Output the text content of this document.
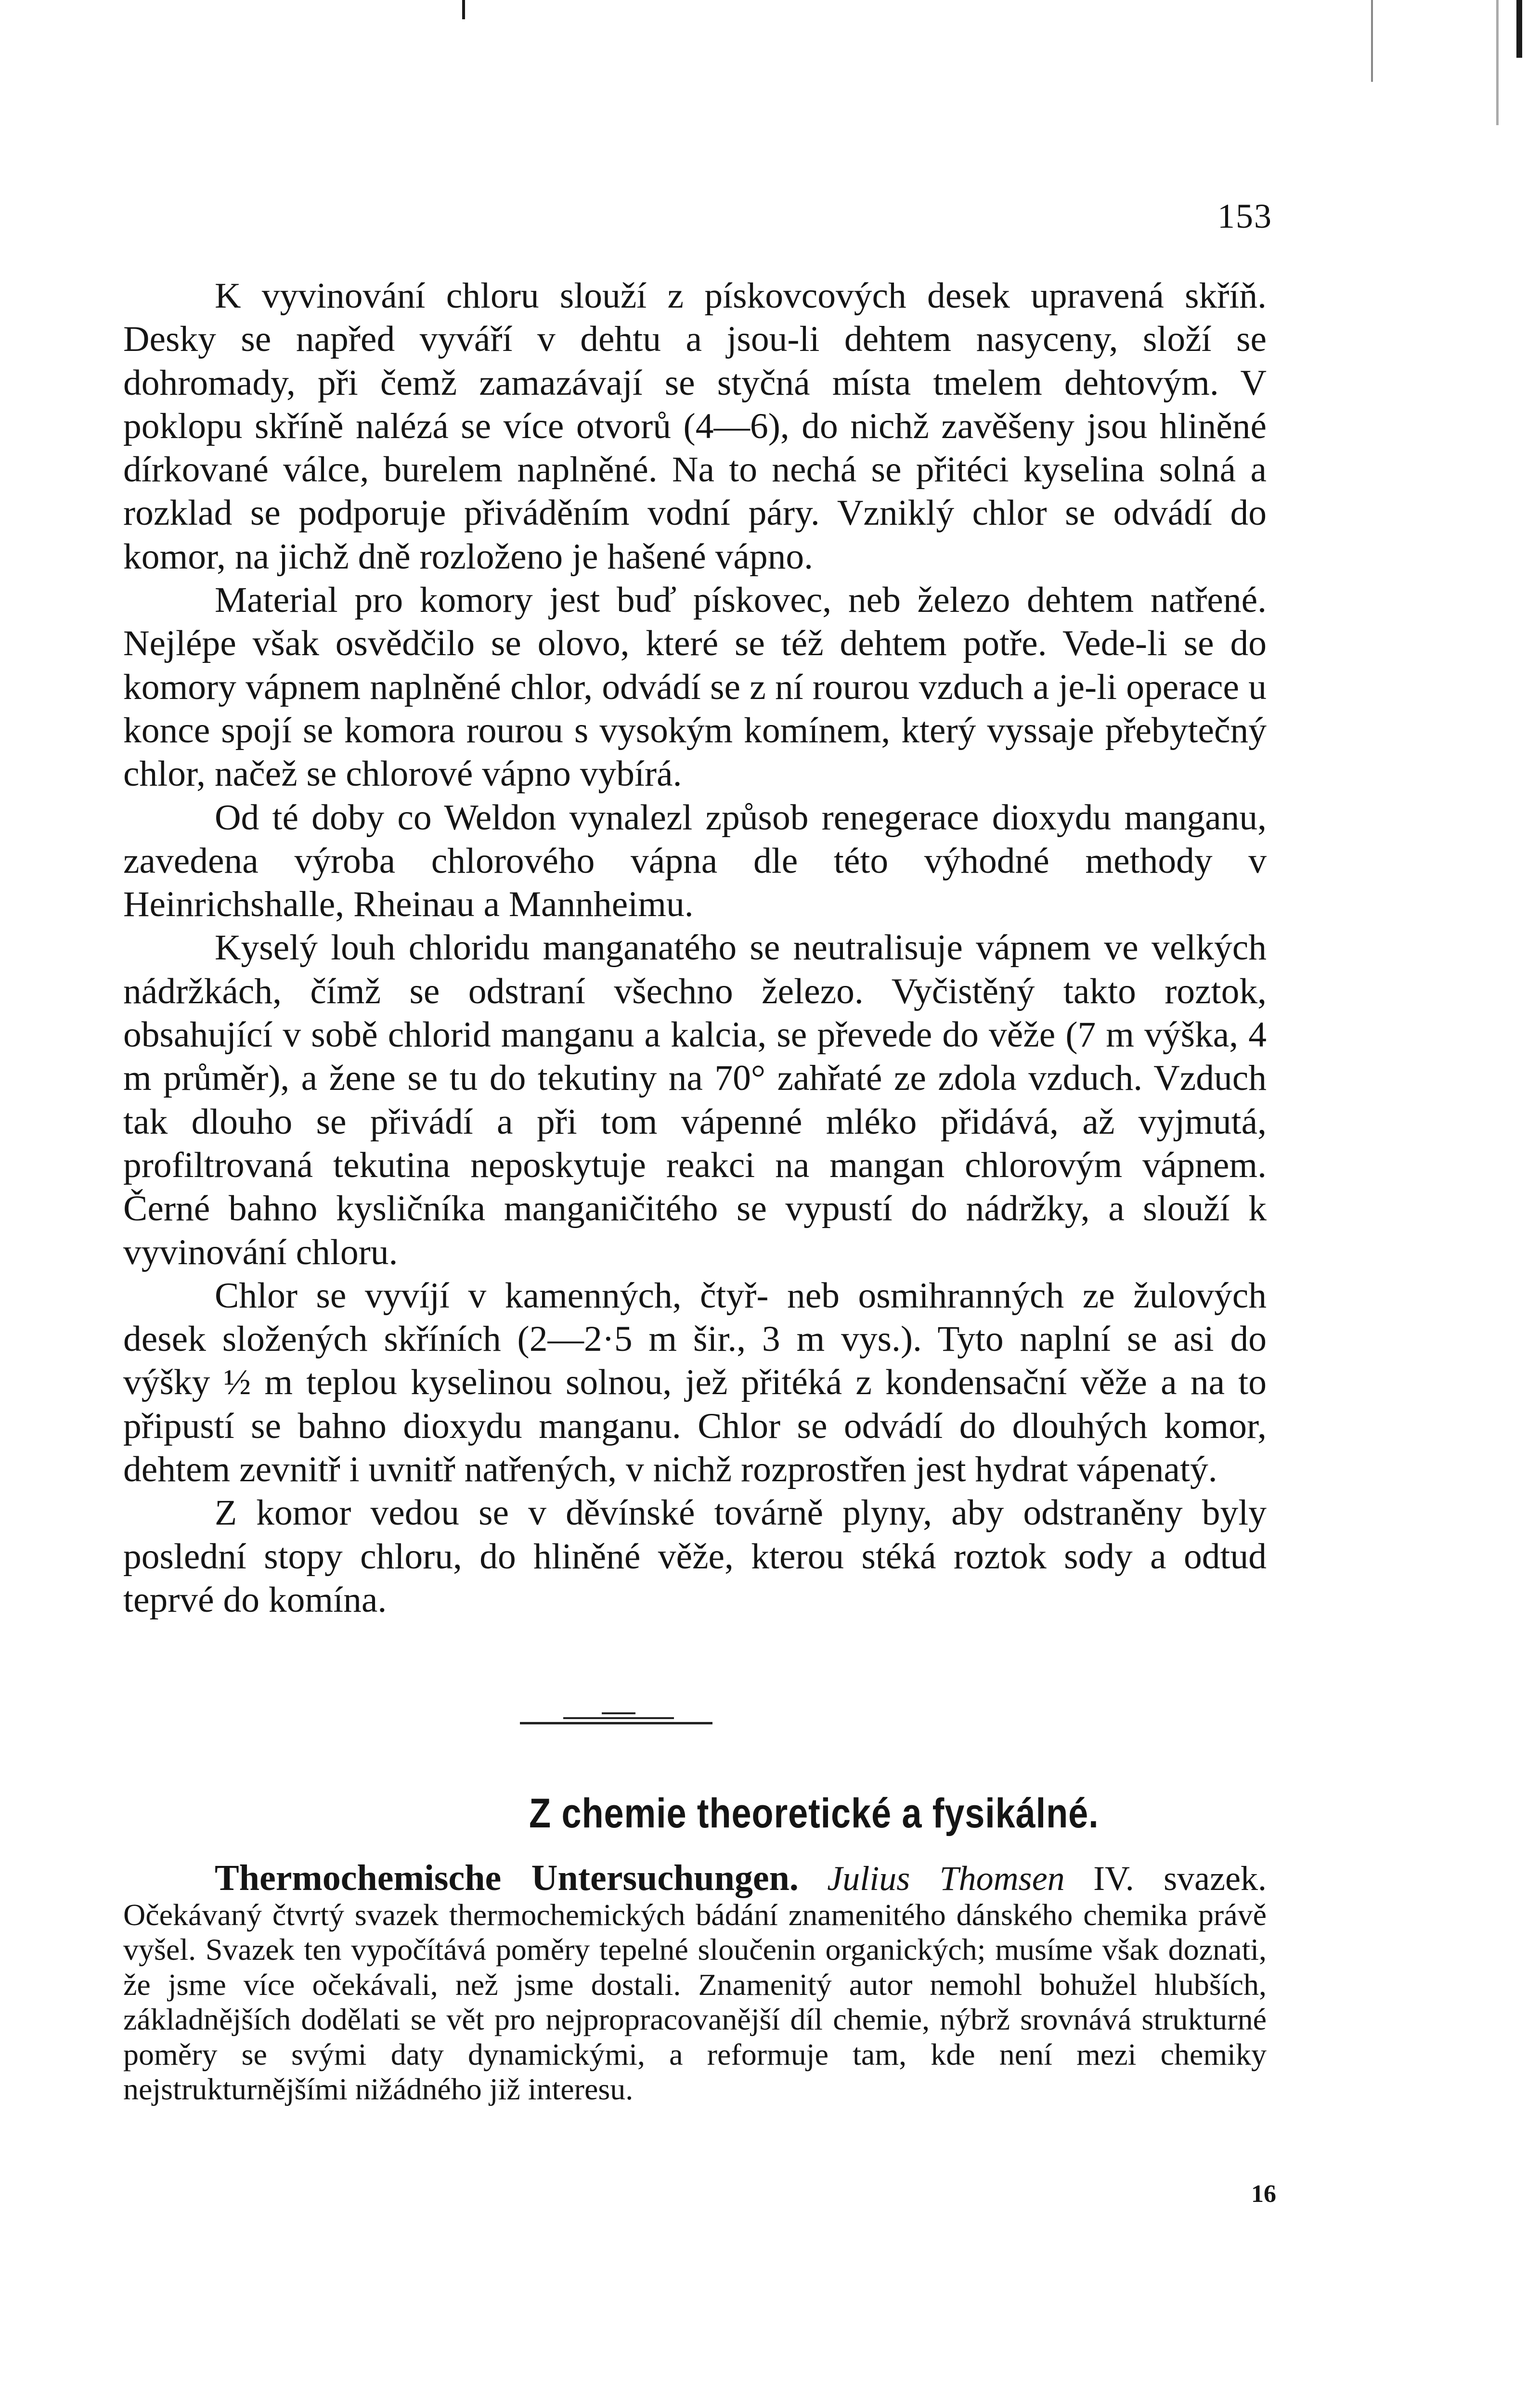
153

K vyvinování chloru slouží z pískovcových desek upravená skříň. Desky se napřed vyváří v dehtu a jsou-li dehtem nasyceny, složí se dohromady, při čemž zamazávají se styčná místa tmelem dehtovým. V poklopu skříně nalézá se více otvorů (4—6), do nichž zavěšeny jsou hliněné dírkované válce, burelem naplněné. Na to nechá se přitéci kyselina solná a rozklad se podporuje přiváděním vodní páry. Vzniklý chlor se odvádí do komor, na jichž dně rozloženo je hašené vápno.

Material pro komory jest buď pískovec, neb železo dehtem natřené. Nejlépe však osvědčilo se olovo, které se též dehtem potře. Vede-li se do komory vápnem naplněné chlor, odvádí se z ní rourou vzduch a je-li operace u konce spojí se komora rourou s vysokým komínem, který vyssaje přebytečný chlor, načež se chlorové vápno vybírá.

Od té doby co Weldon vynalezl způsob renegerace dioxydu manganu, zavedena výroba chlorového vápna dle této výhodné methody v Heinrichshalle, Rheinau a Mannheimu.

Kyselý louh chloridu manganatého se neutralisuje vápnem ve velkých nádržkách, čímž se odstraní všechno železo. Vyčistěný takto roztok, obsahující v sobě chlorid manganu a kalcia, se převede do věže (7 m výška, 4 m průměr), a žene se tu do tekutiny na 70° zahřaté ze zdola vzduch. Vzduch tak dlouho se přivádí a při tom vápenné mléko přidává, až vyjmutá, profiltrovaná tekutina neposkytuje reakci na mangan chlorovým vápnem. Černé bahno kysličníka manganičitého se vypustí do nádržky, a slouží k vyvinování chloru.

Chlor se vyvíjí v kamenných, čtyř- neb osmihranných ze žulových desek složených skříních (2—2·5 m šir., 3 m vys.). Tyto naplní se asi do výšky ½ m teplou kyselinou solnou, jež přitéká z kondensační věže a na to připustí se bahno dioxydu manganu. Chlor se odvádí do dlouhých komor, dehtem zevnitř i uvnitř natřených, v nichž rozprostřen jest hydrat vápenatý.

Z komor vedou se v děvínské továrně plyny, aby odstraněny byly poslední stopy chloru, do hliněné věže, kterou stéká roztok sody a odtud teprvé do komína.

Z chemie theoretické a fysikálné.

Thermochemische Untersuchungen. Julius Thomsen IV. svazek. Očekávaný čtvrtý svazek thermochemických bádání znamenitého dánského chemika právě vyšel. Svazek ten vypočítává poměry tepelné sloučenin organických; musíme však doznati, že jsme více očekávali, než jsme dostali. Znamenitý autor nemohl bohužel hlubších, základnějších dodělati se vět pro nejpropracovanější díl chemie, nýbrž srovnává strukturné poměry se svými daty dynamickými, a reformuje tam, kde není mezi chemiky nejstrukturnějšími nižádného již interesu.

16
